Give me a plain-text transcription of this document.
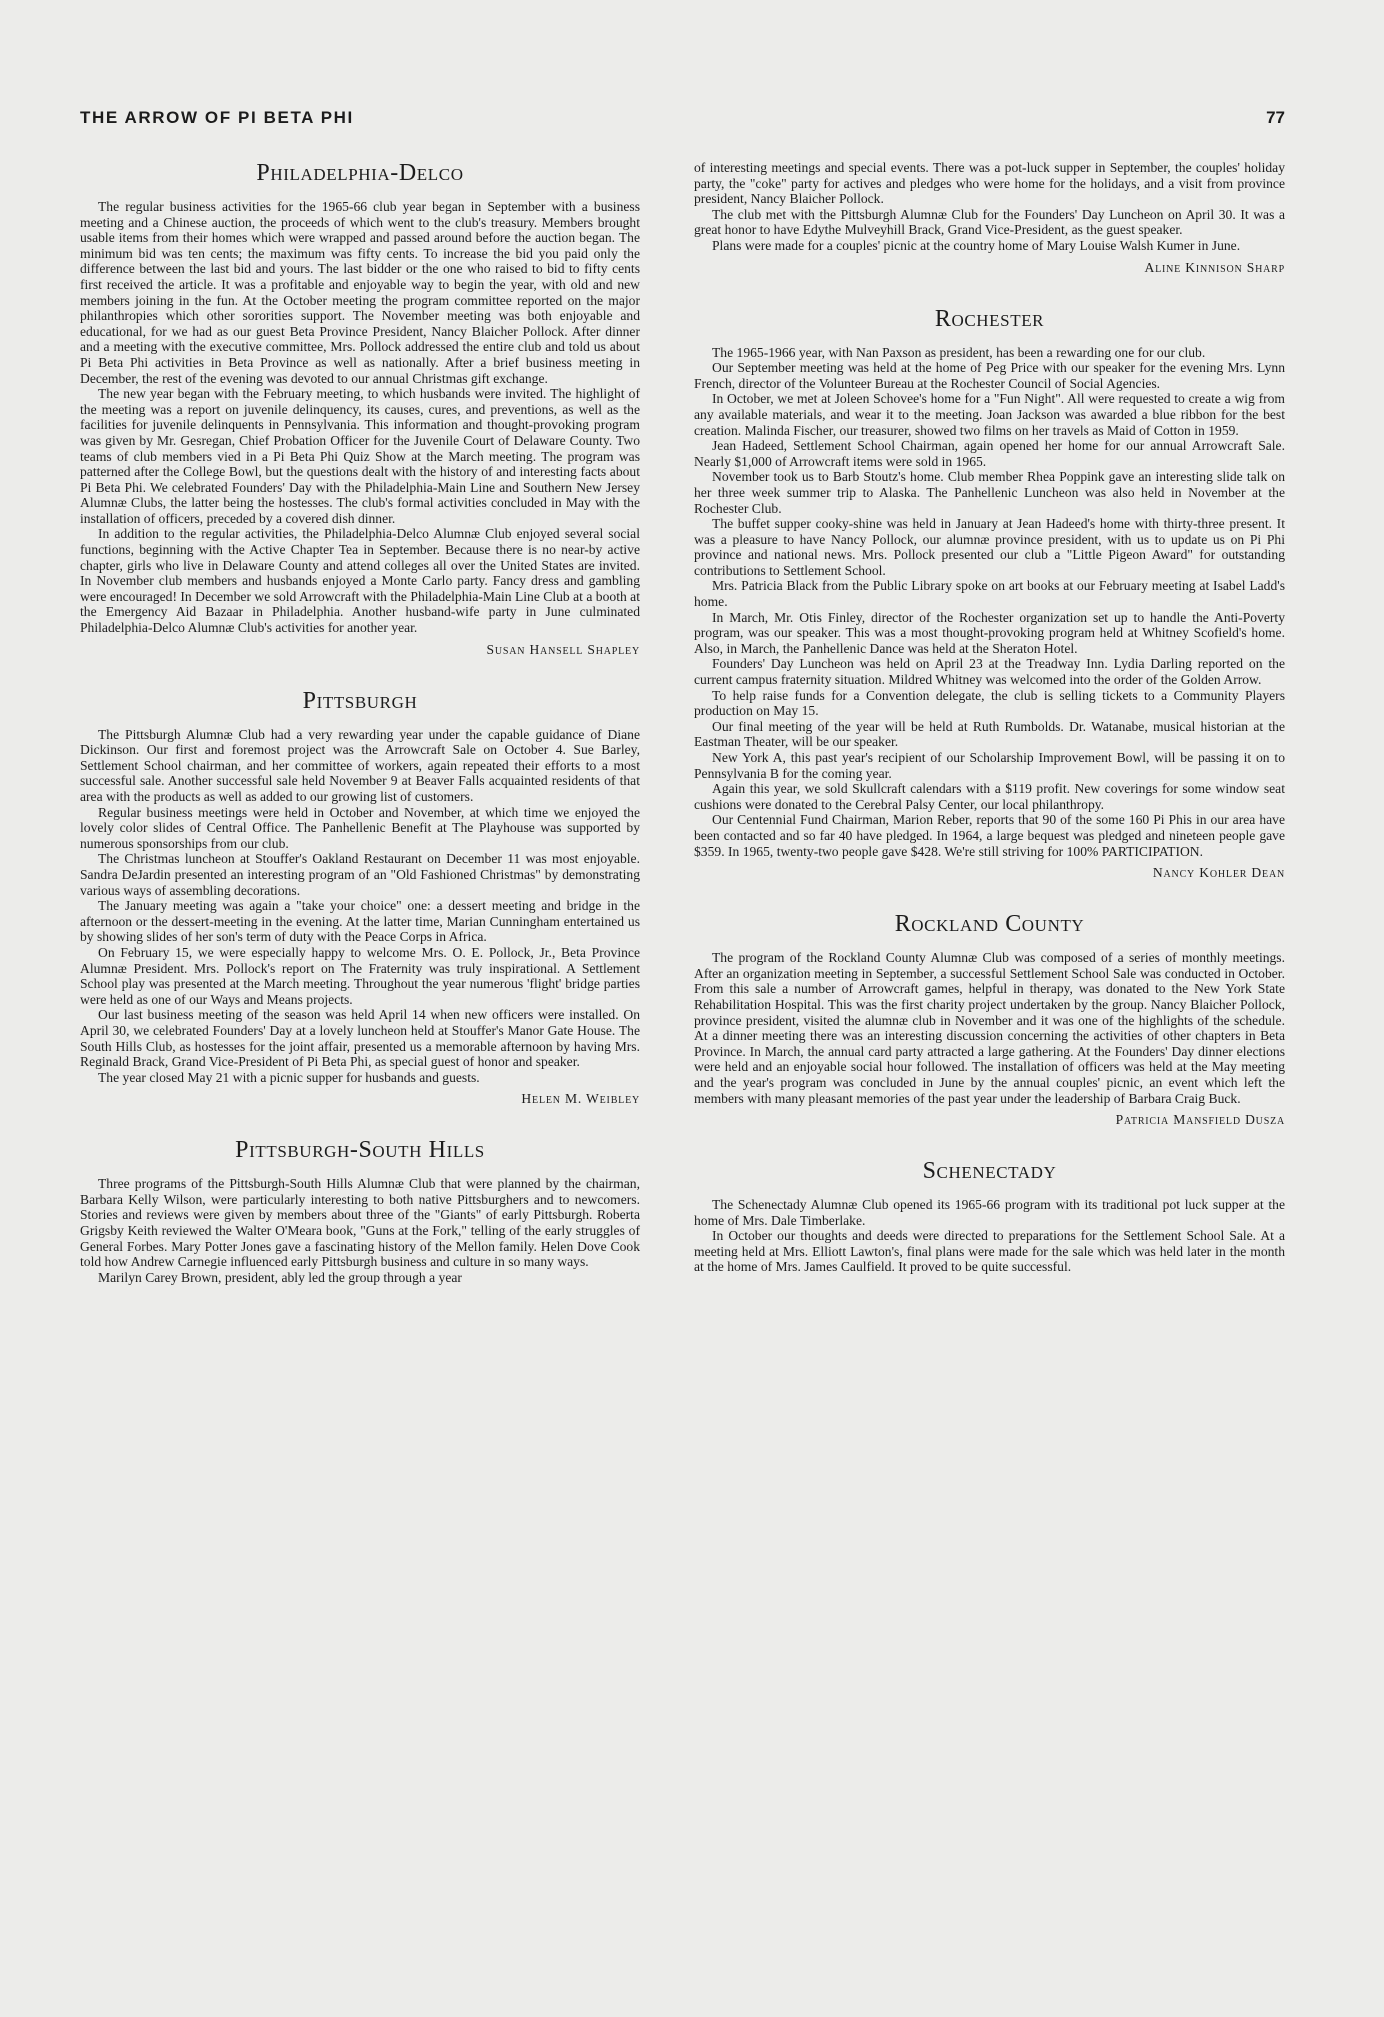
THE ARROW OF PI BETA PHI	77
Philadelphia-Delco

The regular business activities for the 1965-66 club year began in September with a business meeting and a Chinese auction, the proceeds of which went to the club's treasury. Members brought usable items from their homes which were wrapped and passed around before the auction began. The minimum bid was ten cents; the maximum was fifty cents. To increase the bid you paid only the difference between the last bid and yours. The last bidder or the one who raised to bid to fifty cents first received the article. It was a profitable and enjoyable way to begin the year, with old and new members joining in the fun. At the October meeting the program committee reported on the major philanthropies which other sororities support. The November meeting was both enjoyable and educational, for we had as our guest Beta Province President, Nancy Blaicher Pollock. After dinner and a meeting with the executive committee, Mrs. Pollock addressed the entire club and told us about Pi Beta Phi activities in Beta Province as well as nationally. After a brief business meeting in December, the rest of the evening was devoted to our annual Christmas gift exchange.

The new year began with the February meeting, to which husbands were invited. The highlight of the meeting was a report on juvenile delinquency, its causes, cures, and preventions, as well as the facilities for juvenile delinquents in Pennsylvania. This information and thought-provoking program was given by Mr. Gesregan, Chief Probation Officer for the Juvenile Court of Delaware County. Two teams of club members vied in a Pi Beta Phi Quiz Show at the March meeting. The program was patterned after the College Bowl, but the questions dealt with the history of and interesting facts about Pi Beta Phi. We celebrated Founders' Day with the Philadelphia-Main Line and Southern New Jersey Alumnæ Clubs, the latter being the hostesses. The club's formal activities concluded in May with the installation of officers, preceded by a covered dish dinner.

In addition to the regular activities, the Philadelphia-Delco Alumnæ Club enjoyed several social functions, beginning with the Active Chapter Tea in September. Because there is no near-by active chapter, girls who live in Delaware County and attend colleges all over the United States are invited. In November club members and husbands enjoyed a Monte Carlo party. Fancy dress and gambling were encouraged! In December we sold Arrowcraft with the Philadelphia-Main Line Club at a booth at the Emergency Aid Bazaar in Philadelphia. Another husband-wife party in June culminated Philadelphia-Delco Alumnæ Club's activities for another year.

Susan Hansell Shapley
Pittsburgh

The Pittsburgh Alumnæ Club had a very rewarding year under the capable guidance of Diane Dickinson. Our first and foremost project was the Arrowcraft Sale on October 4. Sue Barley, Settlement School chairman, and her committee of workers, again repeated their efforts to a most successful sale. Another successful sale held November 9 at Beaver Falls acquainted residents of that area with the products as well as added to our growing list of customers.

Regular business meetings were held in October and November, at which time we enjoyed the lovely color slides of Central Office. The Panhellenic Benefit at The Playhouse was supported by numerous sponsorships from our club.

The Christmas luncheon at Stouffer's Oakland Restaurant on December 11 was most enjoyable. Sandra DeJardin presented an interesting program of an "Old Fashioned Christmas" by demonstrating various ways of assembling decorations.

The January meeting was again a "take your choice" one: a dessert meeting and bridge in the afternoon or the dessert-meeting in the evening. At the latter time, Marian Cunningham entertained us by showing slides of her son's term of duty with the Peace Corps in Africa.

On February 15, we were especially happy to welcome Mrs. O. E. Pollock, Jr., Beta Province Alumnæ President. Mrs. Pollock's report on The Fraternity was truly inspirational. A Settlement School play was presented at the March meeting. Throughout the year numerous 'flight' bridge parties were held as one of our Ways and Means projects.

Our last business meeting of the season was held April 14 when new officers were installed. On April 30, we celebrated Founders' Day at a lovely luncheon held at Stouffer's Manor Gate House. The South Hills Club, as hostesses for the joint affair, presented us a memorable afternoon by having Mrs. Reginald Brack, Grand Vice-President of Pi Beta Phi, as special guest of honor and speaker.

The year closed May 21 with a picnic supper for husbands and guests.

Helen M. Weibley
Pittsburgh-South Hills

Three programs of the Pittsburgh-South Hills Alumnæ Club that were planned by the chairman, Barbara Kelly Wilson, were particularly interesting to both native Pittsburghers and to newcomers. Stories and reviews were given by members about three of the "Giants" of early Pittsburgh. Roberta Grigsby Keith reviewed the Walter O'Meara book, "Guns at the Fork," telling of the early struggles of General Forbes. Mary Potter Jones gave a fascinating history of the Mellon family. Helen Dove Cook told how Andrew Carnegie influenced early Pittsburgh business and culture in so many ways.

Marilyn Carey Brown, president, ably led the group through a year

of interesting meetings and special events. There was a pot-luck supper in September, the couples' holiday party, the "coke" party for actives and pledges who were home for the holidays, and a visit from province president, Nancy Blaicher Pollock.

The club met with the Pittsburgh Alumnæ Club for the Founders' Day Luncheon on April 30. It was a great honor to have Edythe Mulveyhill Brack, Grand Vice-President, as the guest speaker.

Plans were made for a couples' picnic at the country home of Mary Louise Walsh Kumer in June.

Aline Kinnison Sharp
Rochester

The 1965-1966 year, with Nan Paxson as president, has been a rewarding one for our club.

Our September meeting was held at the home of Peg Price with our speaker for the evening Mrs. Lynn French, director of the Volunteer Bureau at the Rochester Council of Social Agencies.

In October, we met at Joleen Schovee's home for a "Fun Night". All were requested to create a wig from any available materials, and wear it to the meeting. Joan Jackson was awarded a blue ribbon for the best creation. Malinda Fischer, our treasurer, showed two films on her travels as Maid of Cotton in 1959.

Jean Hadeed, Settlement School Chairman, again opened her home for our annual Arrowcraft Sale. Nearly $1,000 of Arrowcraft items were sold in 1965.

November took us to Barb Stoutz's home. Club member Rhea Poppink gave an interesting slide talk on her three week summer trip to Alaska. The Panhellenic Luncheon was also held in November at the Rochester Club.

The buffet supper cooky-shine was held in January at Jean Hadeed's home with thirty-three present. It was a pleasure to have Nancy Pollock, our alumnæ province president, with us to update us on Pi Phi province and national news. Mrs. Pollock presented our club a "Little Pigeon Award" for outstanding contributions to Settlement School.

Mrs. Patricia Black from the Public Library spoke on art books at our February meeting at Isabel Ladd's home.

In March, Mr. Otis Finley, director of the Rochester organization set up to handle the Anti-Poverty program, was our speaker. This was a most thought-provoking program held at Whitney Scofield's home. Also, in March, the Panhellenic Dance was held at the Sheraton Hotel.

Founders' Day Luncheon was held on April 23 at the Treadway Inn. Lydia Darling reported on the current campus fraternity situation. Mildred Whitney was welcomed into the order of the Golden Arrow.

To help raise funds for a Convention delegate, the club is selling tickets to a Community Players production on May 15.

Our final meeting of the year will be held at Ruth Rumbolds. Dr. Watanabe, musical historian at the Eastman Theater, will be our speaker.

New York A, this past year's recipient of our Scholarship Improvement Bowl, will be passing it on to Pennsylvania B for the coming year.

Again this year, we sold Skullcraft calendars with a $119 profit. New coverings for some window seat cushions were donated to the Cerebral Palsy Center, our local philanthropy.

Our Centennial Fund Chairman, Marion Reber, reports that 90 of the some 160 Pi Phis in our area have been contacted and so far 40 have pledged. In 1964, a large bequest was pledged and nineteen people gave $359. In 1965, twenty-two people gave $428. We're still striving for 100% PARTICIPATION.

Nancy Kohler Dean
Rockland County

The program of the Rockland County Alumnæ Club was composed of a series of monthly meetings. After an organization meeting in September, a successful Settlement School Sale was conducted in October. From this sale a number of Arrowcraft games, helpful in therapy, was donated to the New York State Rehabilitation Hospital. This was the first charity project undertaken by the group. Nancy Blaicher Pollock, province president, visited the alumnæ club in November and it was one of the highlights of the schedule. At a dinner meeting there was an interesting discussion concerning the activities of other chapters in Beta Province. In March, the annual card party attracted a large gathering. At the Founders' Day dinner elections were held and an enjoyable social hour followed. The installation of officers was held at the May meeting and the year's program was concluded in June by the annual couples' picnic, an event which left the members with many pleasant memories of the past year under the leadership of Barbara Craig Buck.

Patricia Mansfield Dusza
Schenectady

The Schenectady Alumnæ Club opened its 1965-66 program with its traditional pot luck supper at the home of Mrs. Dale Timberlake.

In October our thoughts and deeds were directed to preparations for the Settlement School Sale. At a meeting held at Mrs. Elliott Lawton's, final plans were made for the sale which was held later in the month at the home of Mrs. James Caulfield. It proved to be quite successful.
